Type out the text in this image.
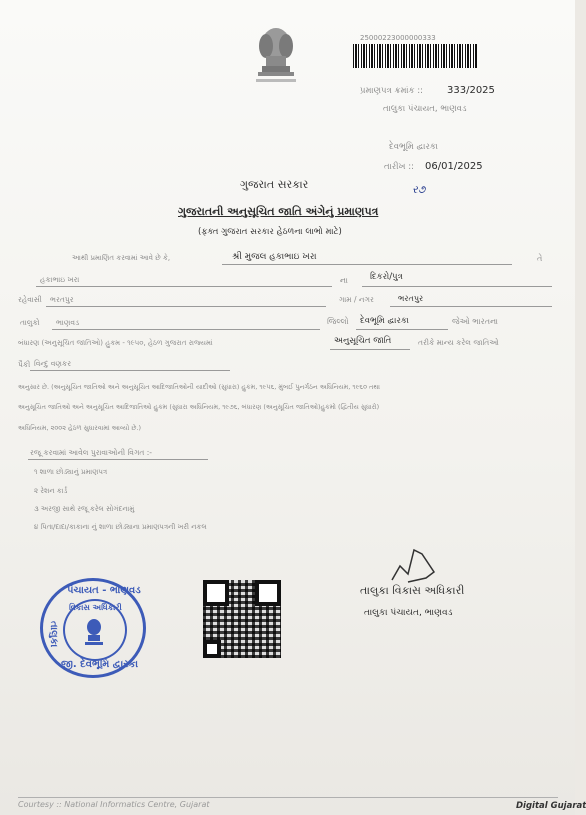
25000223000000333
પ્રમાણપત્ર ક્રમાંક :: 333/2025
તાલુકા પંચાયત, ભાણવડ
દેવભૂમિ દ્વારકા
તારીખ :: 06/01/2025
ર૭
ગુજરાત સરકાર
ગુજરાતની અનુસૂચિત જાતિ અંગેનું પ્રમાણપત્ર
(ફક્ત ગુજરાત સરકાર હેઠળના લાભો માટે)
આથી પ્રમાણિત કરવામાં આવે છે કે,	શ્રી મુજલ હકાભાઇ ખરા	તે
હકાભાઇ ખરા	ના	દિકરો/પુત્ર
રહેવાસી ભરતપુર	ગામ / નગર	ભરતપુર
તાલુકો ભાણવડ	જિલ્લો દેવભૂમિ દ્વારકા	જેઓ ભારતના
બંધારણ (અનુસૂચિત જાતિઓ) હુકમ - ૧૯૫૦, હેઠળ ગુજરાત રાજ્યમાં	અનુસૂચિત જાતિ	તરીકે માન્ય કરેલ જાતિઓ
પૈકી વિન્દુ વણકર
અનુસાર છે. (અનુસૂચિત જાતિઓ અને અનુસૂચિત આદિજાતિઓની યાદીઓ (સુધારા) હુકમ, ૧૯૫૬, મુંબઈ પુનર્ગઠન અધિનિયમ, ૧૯૬૦ તથા
અનુસૂચિત જાતિઓ અને અનુસૂચિત આદિજાતિઓ હુકમ (સુધારા અધિનિયમ, ૧૯૭૬, બંધારણ (અનુસૂચિત જાતિઓ)હુકમો (દ્વિતીય સુધારો)
અધિનિયમ, ૨૦૦૨ હેઠળ સુધારવામાં આવ્યો છે.)
રજૂ કરવામાં આવેલ પુરાવાઓની વિગત :-
૧ શાળા છોડ્યાનું પ્રમાણપત્ર
૨ રેશન કાર્ડ
૩ અરજી સાથે રજૂ કરેલ સોગંદનામું
૪ પિતા/દાદા/કાકાના નું શાળા છોડ્યાના પ્રમાણપત્રની ખરી નકલ
પંચાયત - ભાણવડ
તાલુકા
વિકાસ અધિકારી
જી. દેવભૂમિ દ્વારકા
તાલુકા વિકાસ અધિકારી
તાલુકા પંચાયત, ભાણવડ
Courtesy :: National Informatics Centre, Gujarat	Digital Gujarat
